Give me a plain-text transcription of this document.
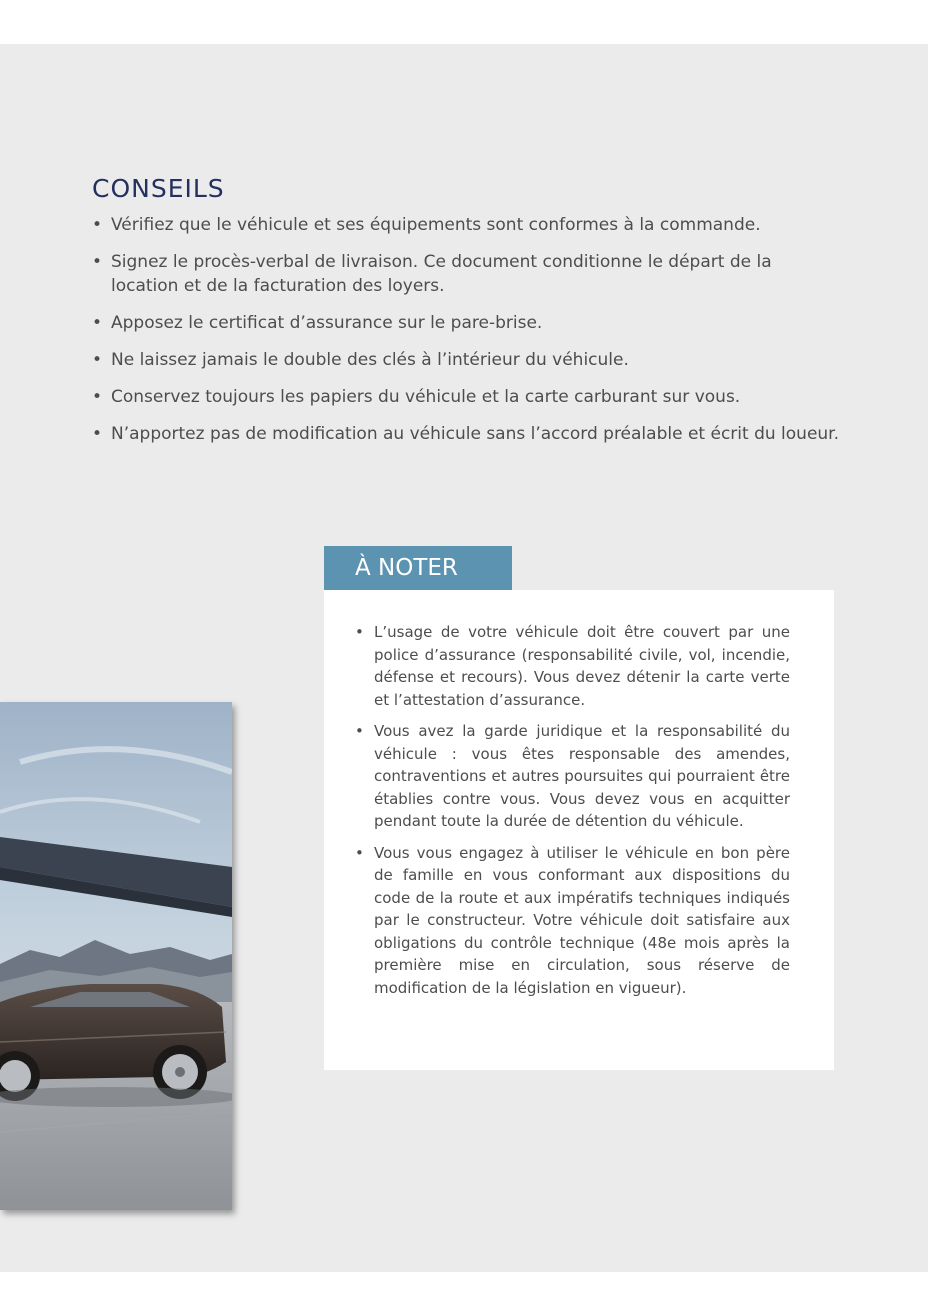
CONSEILS
• Vérifiez que le véhicule et ses équipements sont conformes à la commande.
• Signez le procès-verbal de livraison. Ce document conditionne le départ de la location et de la facturation des loyers.
• Apposez le certificat d’assurance sur le pare-brise.
• Ne laissez jamais le double des clés à l’intérieur du véhicule.
• Conservez toujours les papiers du véhicule et la carte carburant sur vous.
• N’apportez pas de modification au véhicule sans l’accord préalable et écrit du loueur.
À NOTER
• L’usage de votre véhicule doit être couvert par une police d’assurance (responsabilité civile, vol, incendie, défense et recours). Vous devez détenir la carte verte et l’attestation d’assurance.
• Vous avez la garde juridique et la responsabilité du véhicule : vous êtes responsable des amendes, contraventions et autres poursuites qui pourraient être établies contre vous. Vous devez vous en acquitter pendant toute la durée de détention du véhicule.
• Vous vous engagez à utiliser le véhicule en bon père de famille en vous conformant aux dispositions du code de la route et aux impératifs techniques indiqués par le constructeur. Votre véhicule doit satisfaire aux obligations du contrôle technique (48e mois après la première mise en circulation, sous réserve de modification de la législation en vigueur).
